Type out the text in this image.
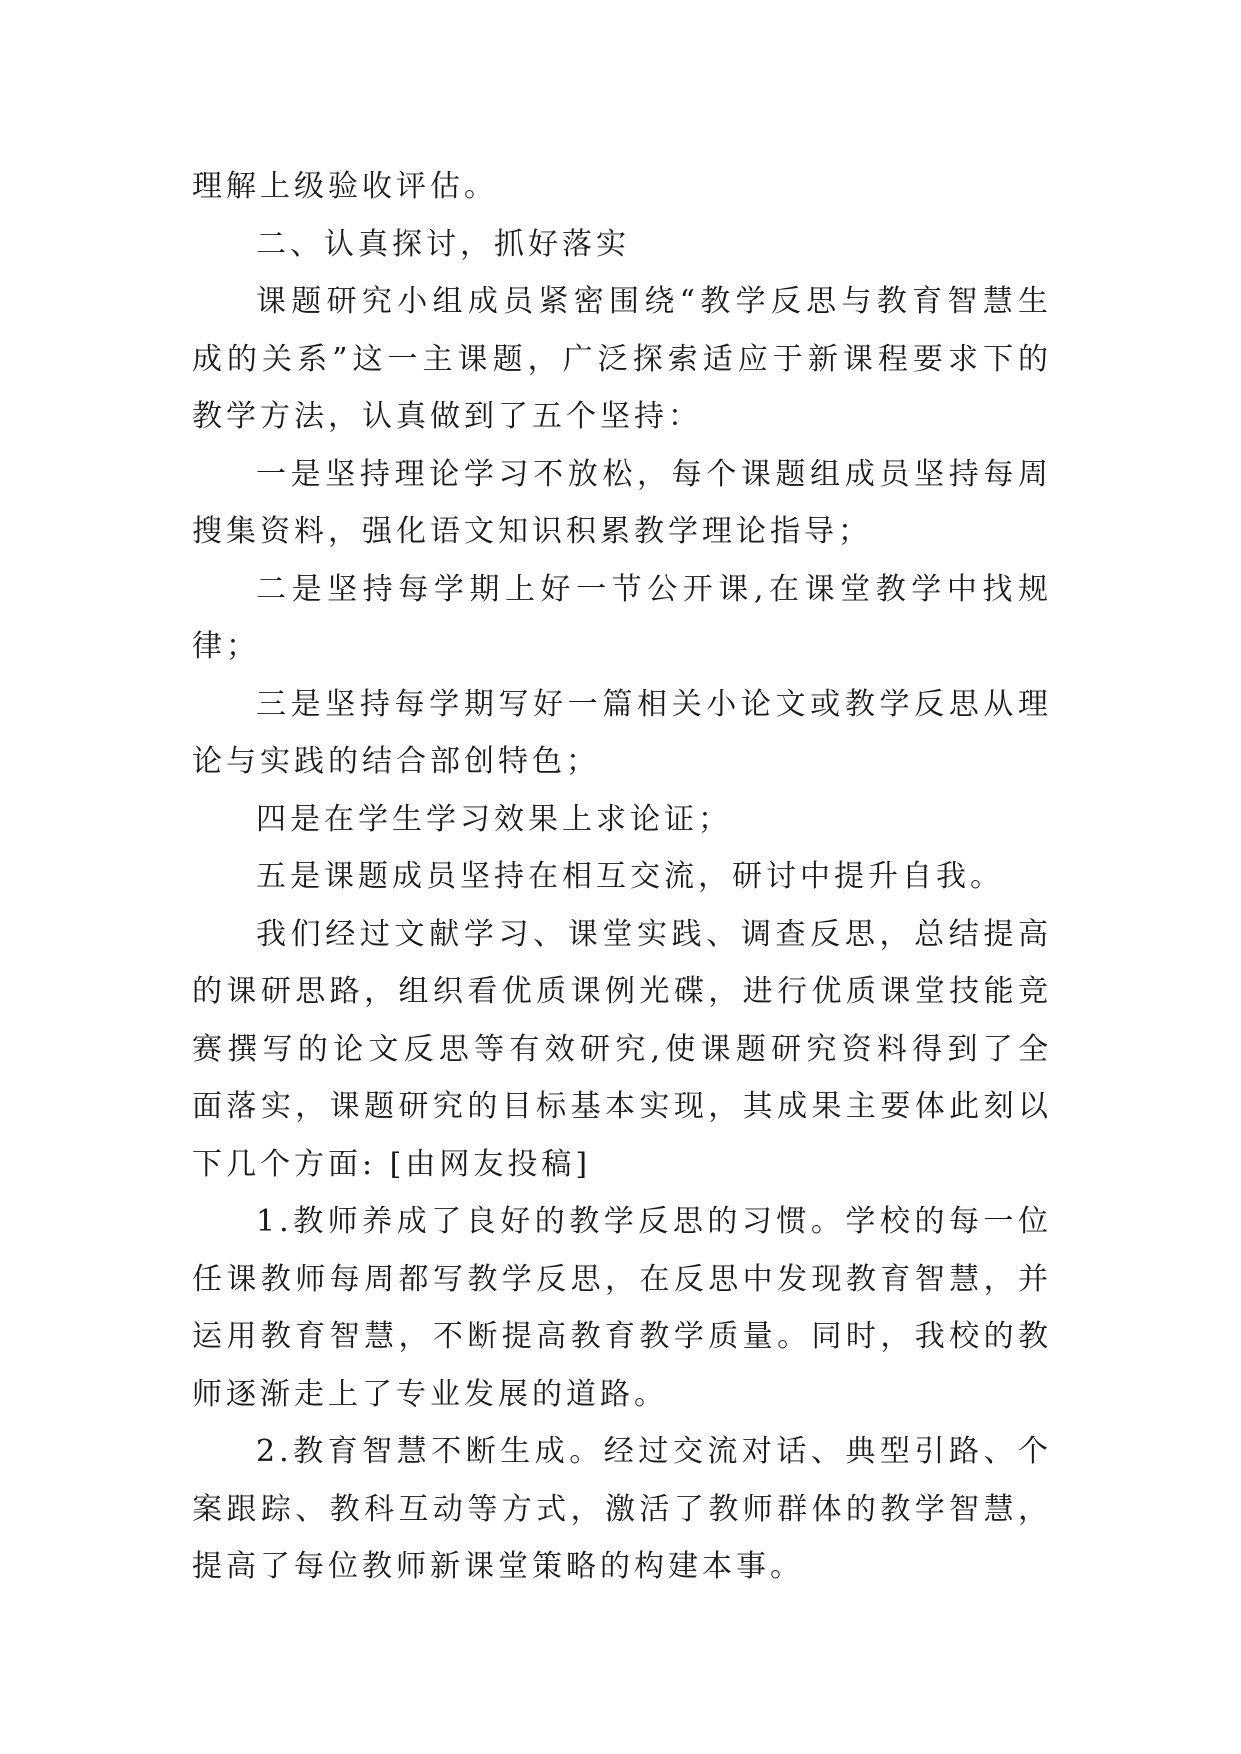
理解上级验收评估。

二、认真探讨，抓好落实

课题研究小组成员紧密围绕“教学反思与教育智慧生成的关系”这一主课题，广泛探索适应于新课程要求下的教学方法，认真做到了五个坚持：

一是坚持理论学习不放松，每个课题组成员坚持每周搜集资料，强化语文知识积累教学理论指导；

二是坚持每学期上好一节公开课,在课堂教学中找规律；

三是坚持每学期写好一篇相关小论文或教学反思从理论与实践的结合部创特色；

四是在学生学习效果上求论证；

五是课题成员坚持在相互交流，研讨中提升自我。

我们经过文献学习、课堂实践、调查反思，总结提高的课研思路，组织看优质课例光碟，进行优质课堂技能竞赛撰写的论文反思等有效研究,使课题研究资料得到了全面落实，课题研究的目标基本实现，其成果主要体此刻以下几个方面: [由网友投稿]

1.教师养成了良好的教学反思的习惯。学校的每一位任课教师每周都写教学反思，在反思中发现教育智慧，并运用教育智慧，不断提高教育教学质量。同时，我校的教师逐渐走上了专业发展的道路。

2.教育智慧不断生成。经过交流对话、典型引路、个案跟踪、教科互动等方式，激活了教师群体的教学智慧，提高了每位教师新课堂策略的构建本事。
